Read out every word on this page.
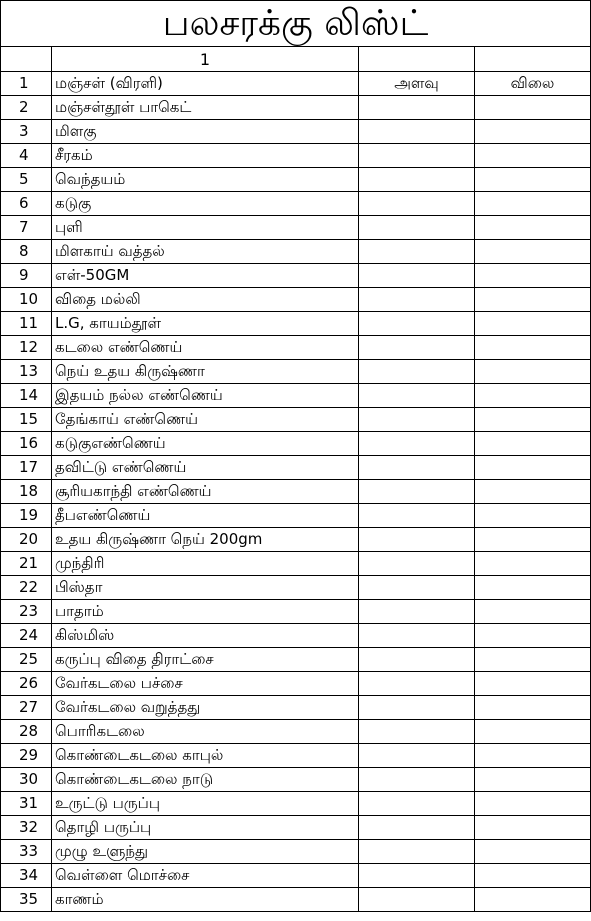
பலசரக்கு லிஸ்ட்			
	1		
1	மஞ்சள் (விரளி)	அளவு	விலை
2	மஞ்சள்தூள் பாகெட்		
3	மிளகு		
4	சீரகம்		
5	வெந்தயம்		
6	கடுகு		
7	புளி		
8	மிளகாய் வத்தல்		
9	எள்-50GM		
10	விதை மல்லி		
11	L.G, காயம்தூள்		
12	கடலை எண்ணெய்		
13	நெய் உதய கிருஷ்ணா		
14	இதயம் நல்ல எண்ணெய்		
15	தேங்காய் எண்ணெய்		
16	கடுகுஎண்ணெய்		
17	தவிட்டு எண்ணெய்		
18	சூரியகாந்தி எண்ணெய்		
19	தீபஎண்ணெய்		
20	உதய கிருஷ்ணா நெய் 200gm		
21	முந்திரி		
22	பிஸ்தா		
23	பாதாம்		
24	கிஸ்மிஸ்		
25	கருப்பு விதை திராட்சை		
26	வேர்கடலை பச்சை		
27	வேர்கடலை வறுத்தது		
28	பொரிகடலை		
29	கொண்டைகடலை காபுல்		
30	கொண்டைகடலை நாடு		
31	உருட்டு பருப்பு		
32	தொழி பருப்பு		
33	முழு உளுந்து		
34	வெள்ளை மொச்சை		
35	காணம்		
